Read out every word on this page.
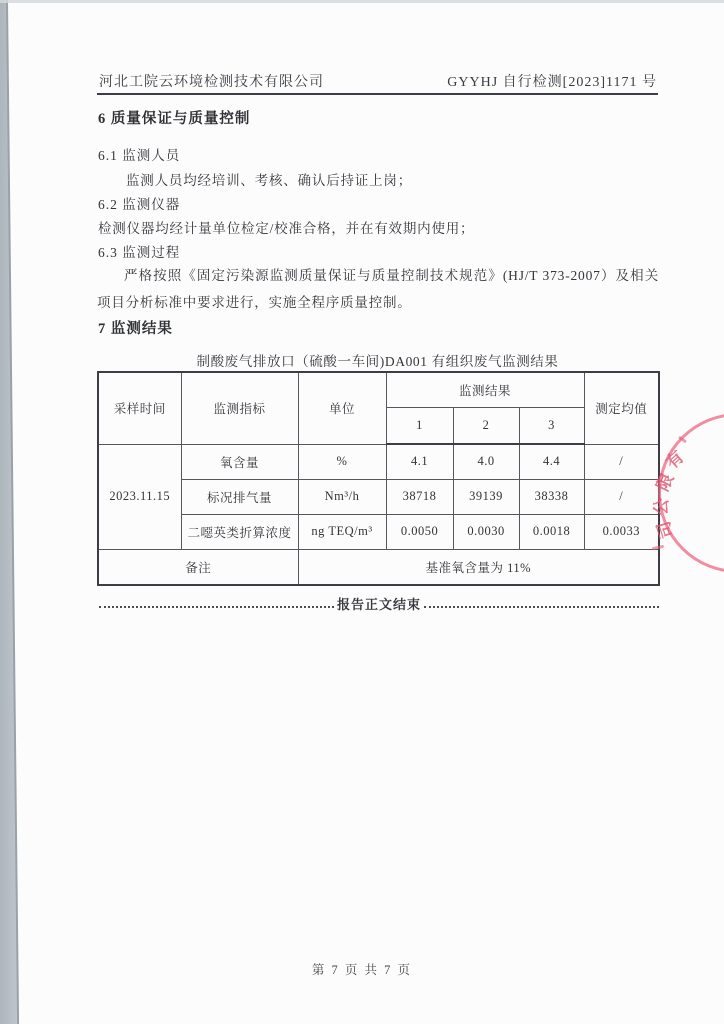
河北工院云环境检测技术有限公司	GYYHJ 自行检测[2023]1171 号
6 质量保证与质量控制
6.1 监测人员
监测人员均经培训、考核、确认后持证上岗；
6.2 监测仪器
检测仪器均经计量单位检定/校准合格，并在有效期内使用；
6.3 监测过程
严格按照《固定污染源监测质量保证与质量控制技术规范》(HJ/T 373-2007）及相关项目分析标准中要求进行，实施全程序质量控制。
7 监测结果
制酸废气排放口（硫酸一车间)DA001 有组织废气监测结果
采样时间	监测指标	单位	监测结果			测定均值
			1	2	3	
2023.11.15	氧含量	%	4.1	4.0	4.4	/
	标况排气量	Nm³/h	38718	39139	38338	/
	二噁英类折算浓度	ng TEQ/m³	0.0050	0.0030	0.0018	0.0033
备注		基准氧含量为 11%				
报告正文结束
有
限
公
司
第 7 页 共 7 页
